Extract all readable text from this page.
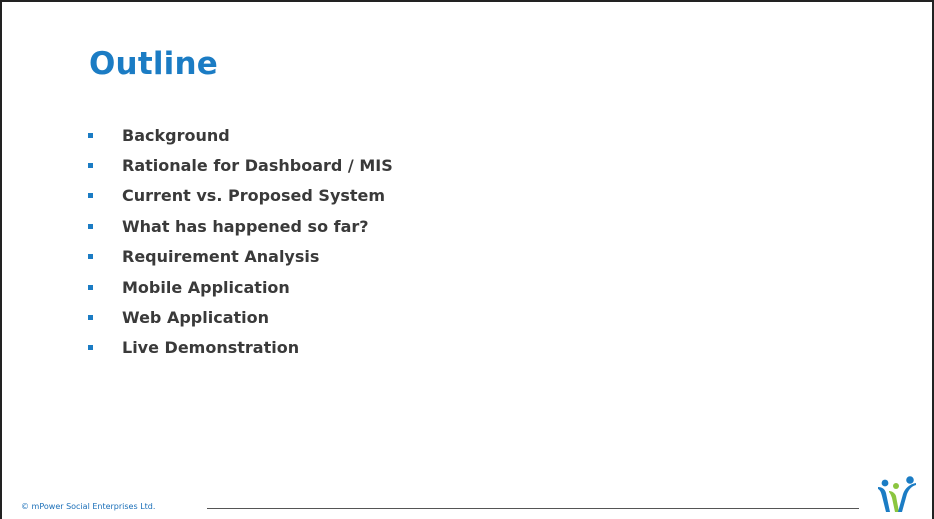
Outline
Background
Rationale for Dashboard / MIS
Current vs. Proposed System
What has happened so far?
Requirement Analysis
Mobile Application
Web Application
Live Demonstration
© mPower Social Enterprises Ltd.
